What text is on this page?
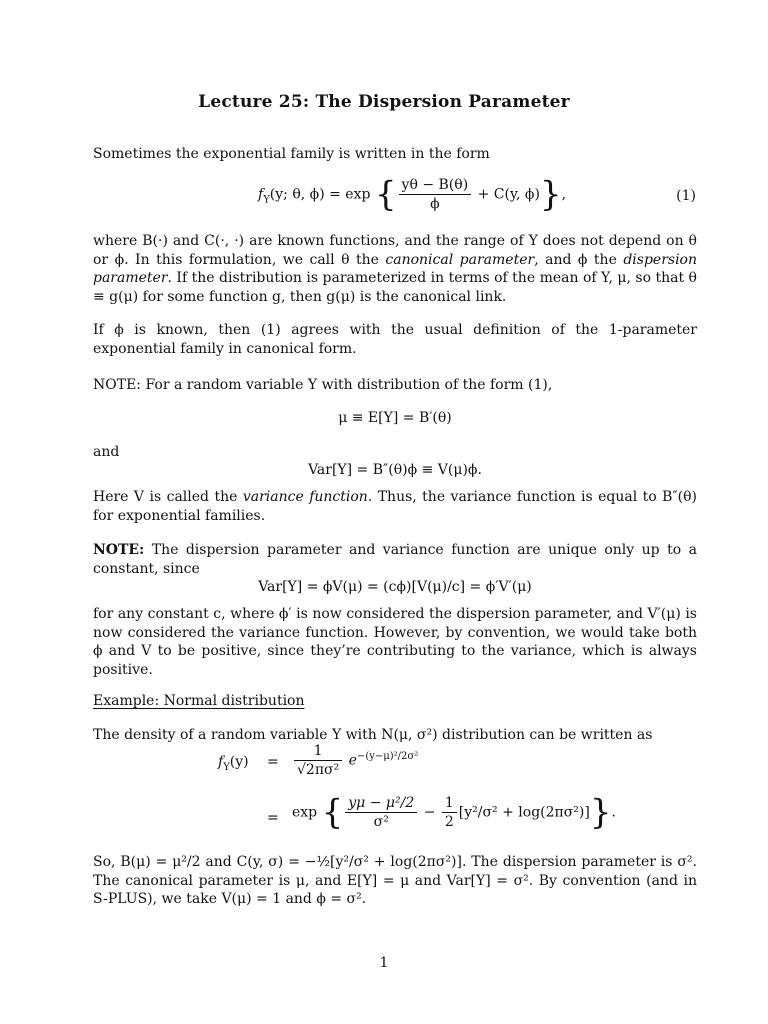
Lecture 25: The Dispersion Parameter
Sometimes the exponential family is written in the form
$f_Y(y$; θ, ϕ) = exp { $\frac{y\theta - B(\theta)}{\phi} + C(y$, ϕ)},	(1)
where B(·) and C(·, ·) are known functions, and the range of Y does not depend on θ or ϕ. In this formulation, we call θ the canonical parameter, and ϕ the dispersion parameter. If the distribution is parameterized in terms of the mean of Y, μ, so that θ ≡ g(μ) for some function g, then g(μ) is the canonical link.
If ϕ is known, then (1) agrees with the usual definition of the 1-parameter exponential family in canonical form.
NOTE: For a random variable Y with distribution of the form (1),
μ ≡ E[Y] = B′(θ)
and
Var[Y] = B″(θ)ϕ ≡ V(μ)ϕ.
Here V is called the variance function. Thus, the variance function is equal to B″(θ) for exponential families.
NOTE: The dispersion parameter and variance function are unique only up to a constant, since
Var[Y] = ϕV(μ) = (cϕ)[V(μ)/c] = ϕ′V′(μ)
for any constant c, where ϕ′ is now considered the dispersion parameter, and V′(μ) is now considered the variance function. However, by convention, we would take both ϕ and V to be positive, since they’re contributing to the variance, which is always positive.
Example: Normal distribution
The density of a random variable Y with N(μ, σ²) distribution can be written as
$f_Y(y) = \frac{1}{\text{√2πσ²}} e^{-(y-\mu)^2/2\sigma^2}$
= exp { $\frac{\text{yμ − μ²/2}}{\text{σ²}} - \frac{1}{2} [y^2/\sigma^2 + \log(2\pi\sigma^2)]$}.
So, B(μ) = μ²/2 and C(y, σ) = −½[y²/σ² + log(2πσ²)]. The dispersion parameter is σ². The canonical parameter is μ, and E[Y] = μ and Var[Y] = σ². By convention (and in S-PLUS), we take V(μ) = 1 and ϕ = σ².
1
